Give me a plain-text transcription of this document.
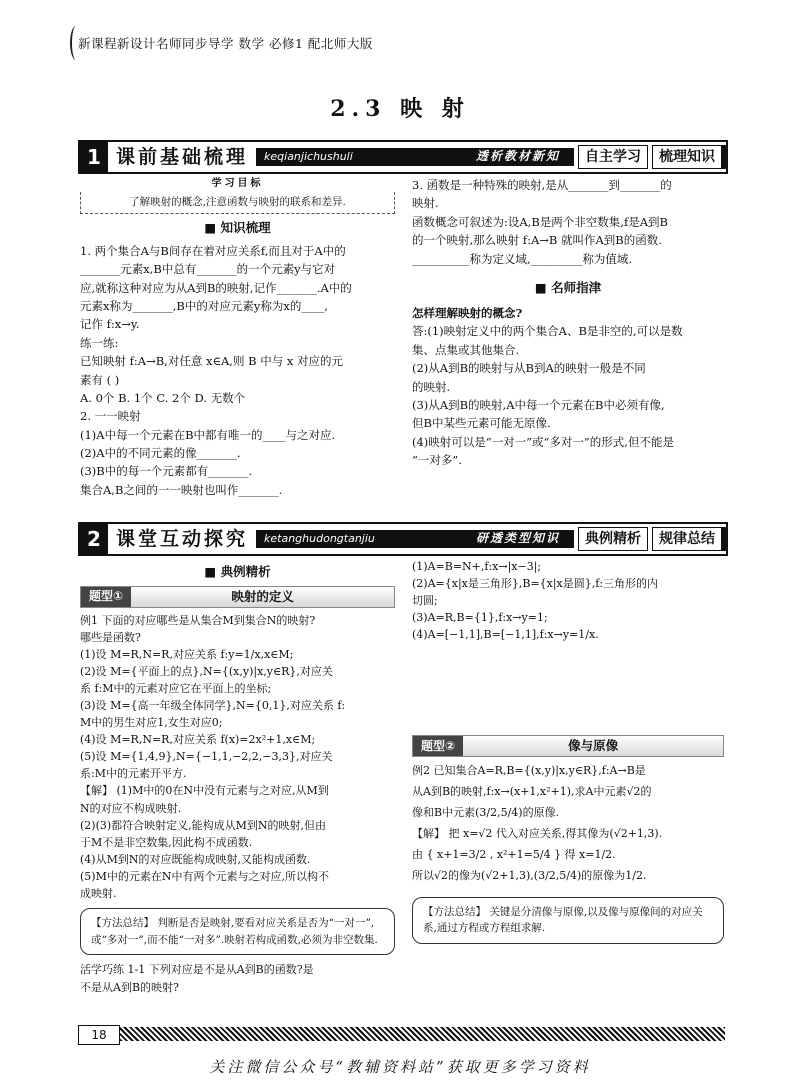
新课程新设计名师同步导学 数学 必修1 配北师大版
2.3 映 射
1 课前基础梳理	keqianjichushuli	透析教材新知	自主学习	梳理知识
学习目标
了解映射的概念,注意函数与映射的联系和差异.
■ 知识梳理

1. 两个集合A与B间存在着对应关系f,而且对于A中的

_______元素x,B中总有_______的一个元素y与它对

应,就称这种对应为从A到B的映射,记作_______.A中的

元素x称为_______,B中的对应元素y称为x的____,

记作 f:x→y.

练一练:

已知映射 f:A→B,对任意 x∈A,则 B 中与 x 对应的元

素有 ( )

A. 0个 B. 1个 C. 2个 D. 无数个

2. 一一映射

(1)A中每一个元素在B中都有唯一的____与之对应.

(2)A中的不同元素的像_______.

(3)B中的每一个元素都有_______.

集合A,B之间的一一映射也叫作_______.

3. 函数是一种特殊的映射,是从_______到_______的

映射.

函数概念可叙述为:设A,B是两个非空数集,f是A到B

的一个映射,那么映射 f:A→B 就叫作A到B的函数.

__________称为定义域,_________称为值域.

■ 名师指津

怎样理解映射的概念?

答:(1)映射定义中的两个集合A、B是非空的,可以是数

集、点集或其他集合.

(2)从A到B的映射与从B到A的映射一般是不同

的映射.

(3)从A到B的映射,A中每一个元素在B中必须有像,

但B中某些元素可能无原像.

(4)映射可以是“一对一”或“多对一”的形式,但不能是

“一对多”.

2 课堂互动探究	ketanghudongtanjiu	研透类型知识	典例精析	规律总结
■ 典例精析
题型①	映射的定义

例1 下面的对应哪些是从集合M到集合N的映射?

哪些是函数?

(1)设 M=R,N=R,对应关系 f:y=1/x,x∈M;

(2)设 M={平面上的点},N={(x,y)|x,y∈R},对应关

系 f:M中的元素对应它在平面上的坐标;

(3)设 M={高一年级全体同学},N={0,1},对应关系 f:

M中的男生对应1,女生对应0;

(4)设 M=R,N=R,对应关系 f(x)=2x²+1,x∈M;

(5)设 M={1,4,9},N={−1,1,−2,2,−3,3},对应关

系:M中的元素开平方.

【解】 (1)M中的0在N中没有元素与之对应,从M到

N的对应不构成映射.

(2)(3)都符合映射定义,能构成从M到N的映射,但由

于M不是非空数集,因此构不成函数.

(4)从M到N的对应既能构成映射,又能构成函数.

(5)M中的元素在N中有两个元素与之对应,所以构不

成映射.

【方法总结】 判断是否是映射,要看对应关系是否为“一对一”,或“多对一”,而不能“一对多”.映射若构成函数,必须为非空数集.

活学巧练 1-1 下列对应是不是从A到B的函数?是

不是从A到B的映射?

(1)A=B=N+,f:x→|x−3|;

(2)A={x|x是三角形},B={x|x是圆},f:三角形的内

切圆;

(3)A=R,B={1},f:x→y=1;

(4)A=[−1,1],B=[−1,1],f:x→y=1/x.

题型②	像与原像

例2 已知集合A=R,B={(x,y)|x,y∈R},f:A→B是

从A到B的映射,f:x→(x+1,x²+1),求A中元素√2的

像和B中元素(3/2,5/4)的原像.

【解】 把 x=√2 代入对应关系,得其像为(√2+1,3).

由 { x+1=3/2 , x²+1=5/4 } 得 x=1/2.

所以√2的像为(√2+1,3),(3/2,5/4)的原像为1/2.

【方法总结】 关键是分清像与原像,以及像与原像间的对应关系,通过方程或方程组求解.
18
关注微信公众号“教辅资料站”获取更多学习资料
